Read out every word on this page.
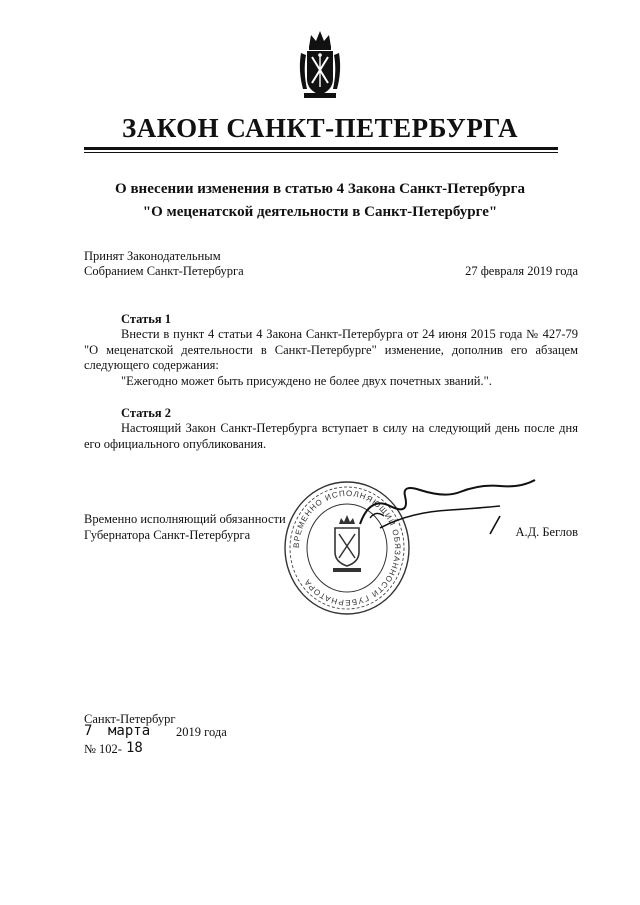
ЗАКОН САНКТ-ПЕТЕРБУРГА
О внесении изменения в статью 4 Закона Санкт-Петербурга
"О меценатской деятельности в Санкт-Петербурге"
Принят Законодательным
Собранием Санкт-Петербурга	27 февраля 2019 года
Статья 1
Внести в пункт 4 статьи 4 Закона Санкт-Петербурга от 24 июня 2015 года № 427-79
"О меценатской деятельности в Санкт-Петербурге" изменение, дополнив его абзацем
следующего содержания:
"Ежегодно может быть присуждено не более двух почетных званий.".
Статья 2
Настоящий Закон Санкт-Петербурга вступает в силу на следующий день после дня
его официального опубликования.
Временно исполняющий обязанности
Губернатора Санкт-Петербурга
ВРЕМЕННО ИСПОЛНЯЮЩИЙ ОБЯЗАННОСТИ ГУБЕРНАТОРА
А.Д. Беглов
Санкт-Петербург
7 марта 2019 года
№ 102- 18
